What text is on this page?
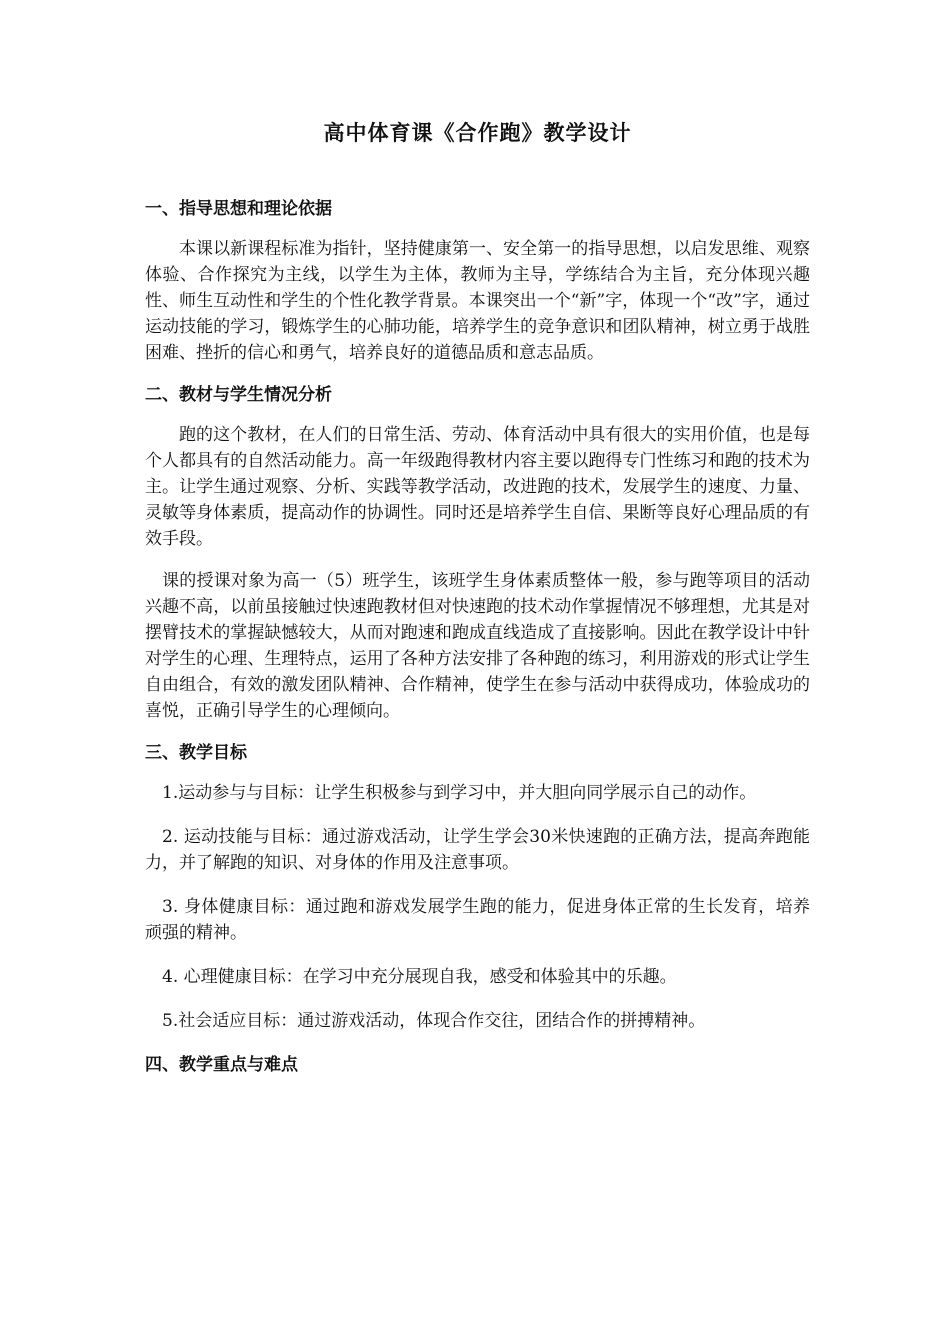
高中体育课《合作跑》教学设计
一、指导思想和理论依据

本课以新课程标准为指针，坚持健康第一、安全第一的指导思想，以启发思维、观察体验、合作探究为主线，以学生为主体，教师为主导，学练结合为主旨，充分体现兴趣性、师生互动性和学生的个性化教学背景。本课突出一个“新”字，体现一个“改”字，通过运动技能的学习，锻炼学生的心肺功能，培养学生的竞争意识和团队精神，树立勇于战胜困难、挫折的信心和勇气，培养良好的道德品质和意志品质。

二、教材与学生情况分析

跑的这个教材，在人们的日常生活、劳动、体育活动中具有很大的实用价值，也是每个人都具有的自然活动能力。高一年级跑得教材内容主要以跑得专门性练习和跑的技术为主。让学生通过观察、分析、实践等教学活动，改进跑的技术，发展学生的速度、力量、灵敏等身体素质，提高动作的协调性。同时还是培养学生自信、果断等良好心理品质的有效手段。

课的授课对象为高一（5）班学生，该班学生身体素质整体一般，参与跑等项目的活动兴趣不高，以前虽接触过快速跑教材但对快速跑的技术动作掌握情况不够理想，尤其是对摆臂技术的掌握缺憾较大，从而对跑速和跑成直线造成了直接影响。因此在教学设计中针对学生的心理、生理特点，运用了各种方法安排了各种跑的练习，利用游戏的形式让学生自由组合，有效的激发团队精神、合作精神，使学生在参与活动中获得成功，体验成功的喜悦，正确引导学生的心理倾向。

三、教学目标

1.运动参与与目标：让学生积极参与到学习中，并大胆向同学展示自己的动作。

2. 运动技能与目标：通过游戏活动，让学生学会30米快速跑的正确方法，提高奔跑能力，并了解跑的知识、对身体的作用及注意事项。

3. 身体健康目标：通过跑和游戏发展学生跑的能力，促进身体正常的生长发育，培养顽强的精神。

4. 心理健康目标：在学习中充分展现自我，感受和体验其中的乐趣。

5.社会适应目标：通过游戏活动，体现合作交往，团结合作的拼搏精神。

四、教学重点与难点
